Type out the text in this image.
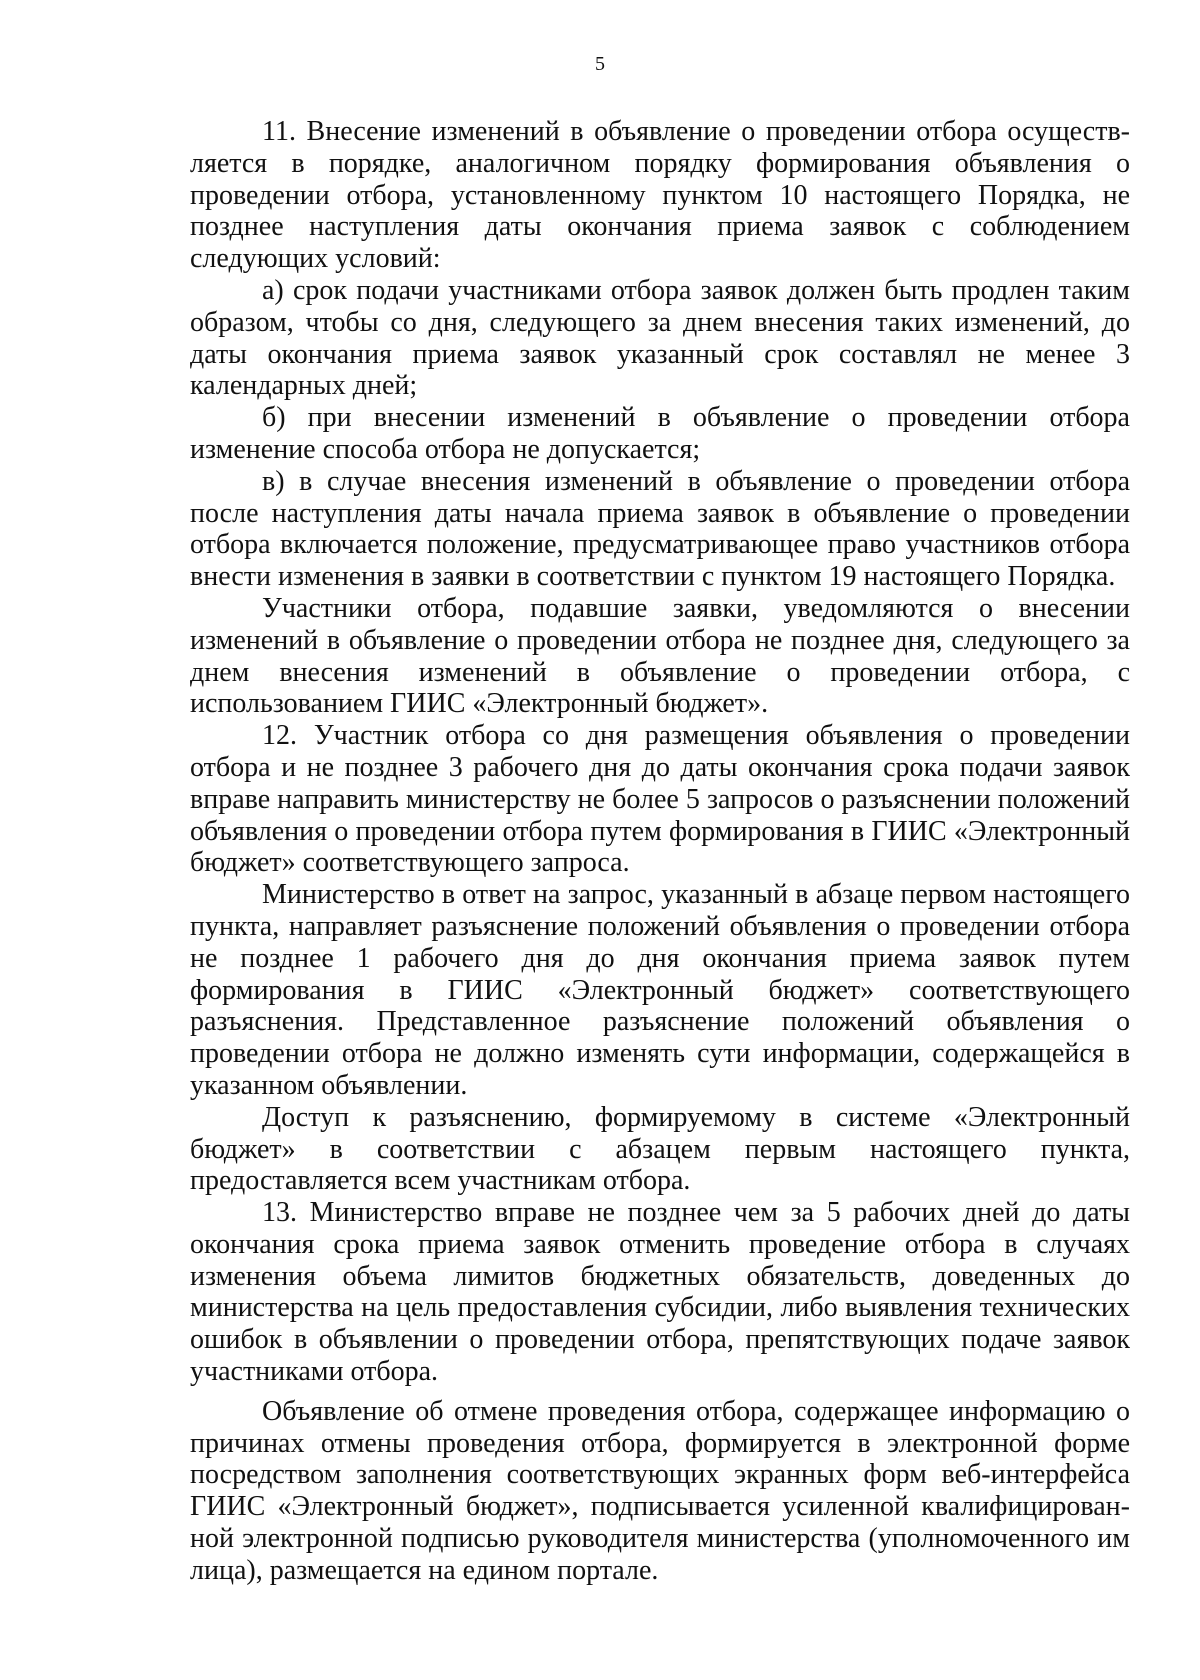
5

11. Внесение изменений в объявление о проведении отбора осуществляется в порядке, аналогичном порядку формирования объявления о проведении отбора, установленному пунктом 10 настоящего Порядка, не позднее наступления даты окончания приема заявок с соблюдением следующих условий:

а) срок подачи участниками отбора заявок должен быть продлен таким образом, чтобы со дня, следующего за днем внесения таких изменений, до даты окончания приема заявок указанный срок составлял не менее 3 календарных дней;

б) при внесении изменений в объявление о проведении отбора изменение способа отбора не допускается;

в) в случае внесения изменений в объявление о проведении отбора после наступления даты начала приема заявок в объявление о проведении отбора включается положение, предусматривающее право участников отбора внести изменения в заявки в соответствии с пунктом 19 настоящего Порядка.

Участники отбора, подавшие заявки, уведомляются о внесении изменений в объявление о проведении отбора не позднее дня, следующего за днем внесения изменений в объявление о проведении отбора, с использованием ГИИС «Электронный бюджет».

12. Участник отбора со дня размещения объявления о проведении отбора и не позднее 3 рабочего дня до даты окончания срока подачи заявок вправе направить министерству не более 5 запросов о разъяснении положений объявления о проведении отбора путем формирования в ГИИС «Электронный бюджет» соответствующего запроса.

Министерство в ответ на запрос, указанный в абзаце первом настоящего пункта, направляет разъяснение положений объявления о проведении отбора не позднее 1 рабочего дня до дня окончания приема заявок путем формирования в ГИИС «Электронный бюджет» соответствующего разъяснения. Представленное разъяснение положений объявления о проведении отбора не должно изменять сути информации, содержащейся в указанном объявлении.

Доступ к разъяснению, формируемому в системе «Электронный бюджет» в соответствии с абзацем первым настоящего пункта, предоставляется всем участникам отбора.

13. Министерство вправе не позднее чем за 5 рабочих дней до даты окончания срока приема заявок отменить проведение отбора в случаях изменения объема лимитов бюджетных обязательств, доведенных до министерства на цель предоставления субсидии, либо выявления технических ошибок в объявлении о проведении отбора, препятствующих подаче заявок участниками отбора.

Объявление об отмене проведения отбора, содержащее информацию о причинах отмены проведения отбора, формируется в электронной форме посредством заполнения соответствующих экранных форм веб-интерфейса ГИИС «Электронный бюджет», подписывается усиленной квалифицированной электронной подписью руководителя министерства (уполномоченного им лица), размещается на едином портале.
